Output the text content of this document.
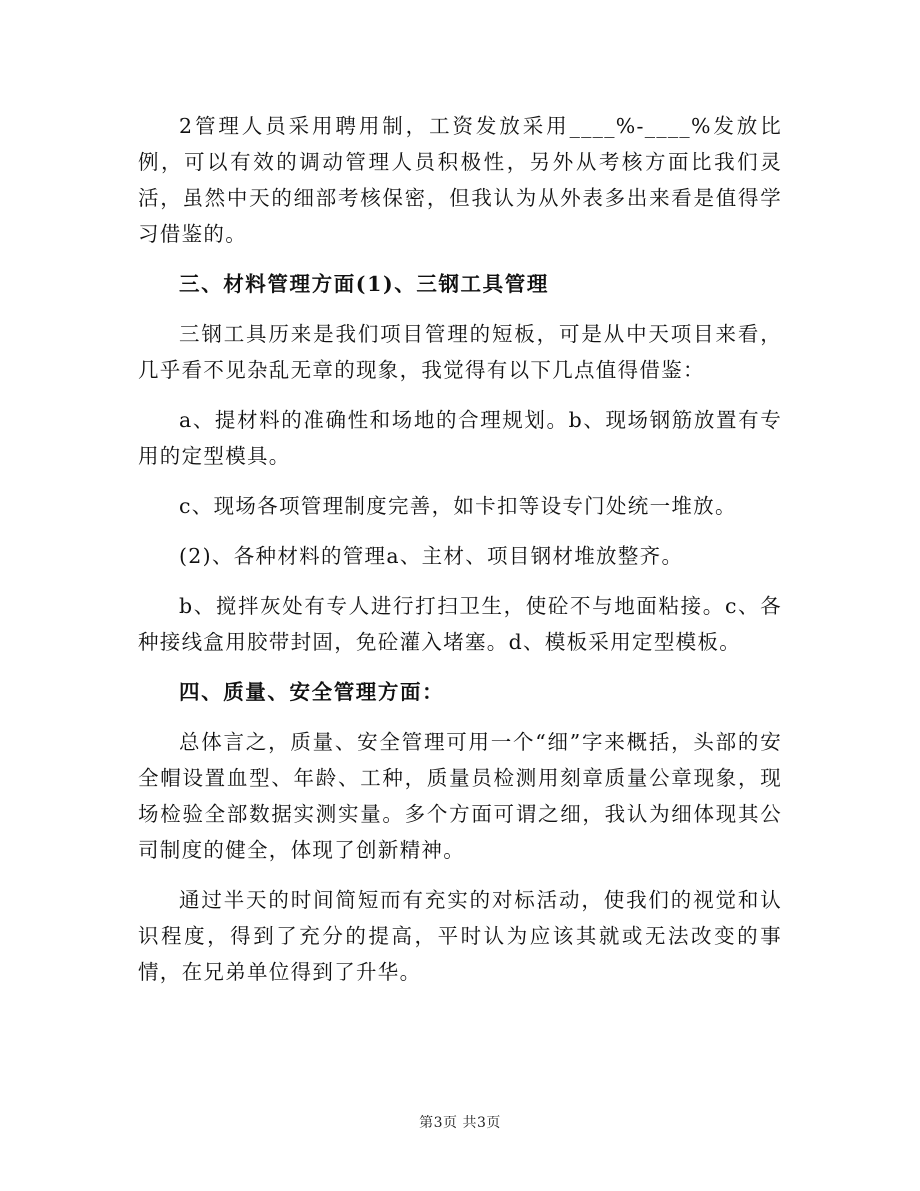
2管理人员采用聘用制，工资发放采用____%-____%发放比例，可以有效的调动管理人员积极性，另外从考核方面比我们灵活，虽然中天的细部考核保密，但我认为从外表多出来看是值得学习借鉴的。

三、材料管理方面(1)、三钢工具管理

三钢工具历来是我们项目管理的短板，可是从中天项目来看，几乎看不见杂乱无章的现象，我觉得有以下几点值得借鉴：

a、提材料的准确性和场地的合理规划。b、现场钢筋放置有专用的定型模具。

c、现场各项管理制度完善，如卡扣等设专门处统一堆放。

(2)、各种材料的管理a、主材、项目钢材堆放整齐。

b、搅拌灰处有专人进行打扫卫生，使砼不与地面粘接。c、各种接线盒用胶带封固，免砼灌入堵塞。d、模板采用定型模板。

四、质量、安全管理方面：

总体言之，质量、安全管理可用一个“细”字来概括，头部的安全帽设置血型、年龄、工种，质量员检测用刻章质量公章现象，现场检验全部数据实测实量。多个方面可谓之细，我认为细体现其公司制度的健全，体现了创新精神。

通过半天的时间简短而有充实的对标活动，使我们的视觉和认识程度，得到了充分的提高，平时认为应该其就或无法改变的事情，在兄弟单位得到了升华。

第3页 共3页
